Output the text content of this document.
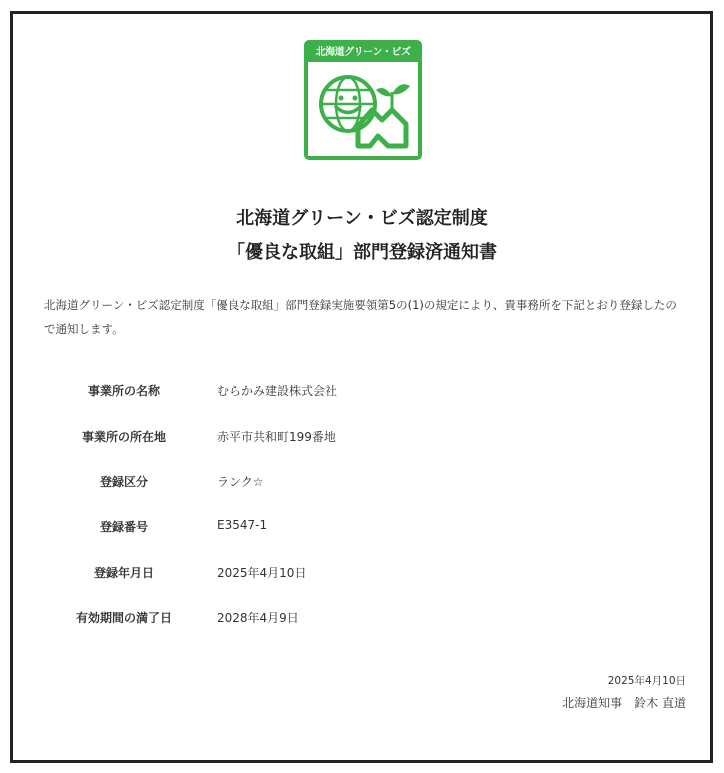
北海道グリーン・ビズ
北海道グリーン・ビズ認定制度
「優良な取組」部門登録済通知書
北海道グリーン・ビズ認定制度「優良な取組」部門登録実施要領第5の(1)の規定により、貴事務所を下記とおり登録したので通知します。
事業所の名称	むらかみ建設株式会社
事業所の所在地	赤平市共和町199番地
登録区分	ランク☆
登録番号	E3547-1
登録年月日	2025年4月10日
有効期間の満了日	2028年4月9日
2025年4月10日
北海道知事　鈴木 直道
